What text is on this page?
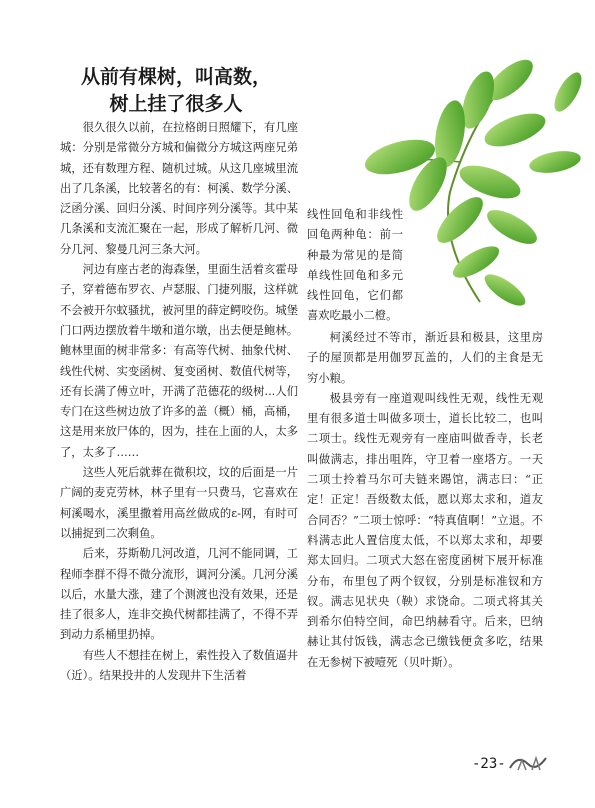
从前有棵树，叫高数，
树上挂了很多人

很久很久以前，在拉格朗日照耀下，有几座城：分别是常微分方城和偏微分方城这两座兄弟城，还有数理方程、随机过城。从这几座城里流出了几条溪，比较著名的有：柯溪、数学分溪、泛函分溪、回归分溪、时间序列分溪等。其中某几条溪和支流汇聚在一起，形成了解析几河、微分几河、黎曼几河三条大河。

河边有座古老的海森堡，里面生活着亥霍母子，穿着德布罗衣、卢瑟服、门捷列服，这样就不会被开尔蚊骚扰，被河里的薛定鳄咬伤。城堡门口两边摆放着牛墩和道尔墩，出去便是鲍林。鲍林里面的树非常多：有高等代树、抽象代树、线性代树、实变函树、复变函树、数值代树等，还有长满了傅立叶，开满了范德花的级树...人们专门在这些树边放了许多的盖（概）桶，高桶，这是用来放尸体的，因为，挂在上面的人，太多了，太多了……

这些人死后就葬在微积坟，坟的后面是一片广阔的麦克劳林，林子里有一只费马，它喜欢在柯溪喝水，溪里撒着用高丝做成的ε-网，有时可以捕捉到二次剩鱼。

后来，芬斯勒几河改道，几河不能同调，工程师李群不得不微分流形，调河分溪。几河分溪以后，水量大涨，建了个测渡也没有效果，还是挂了很多人，连非交换代树都挂满了，不得不弄到动力系桶里扔掉。

有些人不想挂在树上，索性投入了数值逼井（近）。结果投井的人发现井下生活着

线性回龟和非线性回龟两种龟：前一种最为常见的是简单线性回龟和多元线性回龟，它们都喜欢吃最小二橙。

柯溪经过不等市，渐近县和极县，这里房子的屋顶都是用伽罗瓦盖的，人们的主食是无穷小粮。

极县旁有一座道观叫线性无观，线性无观里有很多道士叫做多项士，道长比较二，也叫二项士。线性无观旁有一座庙叫做香寺，长老叫做满志，排出咀阵，守卫着一座塔方。一天二项士拎着马尔可夫链来踢馆，满志曰：“正定！正定！吾级数太低，愿以郑太求和，道友合同否？”二项士惊呼：“特真值啊！”立退。不料满志此人置信度太低，不以郑太求和，却要郑太回归。二项式大怒在密度函树下展开标准分布，布里包了两个钗钗，分别是标准钗和方钗。满志见状央（鞅）求饶命。二项式将其关到希尔伯特空间，命巴纳赫看守。后来，巴纳赫让其付饭钱，满志念已缴钱便贪多吃，结果在无参树下被噎死（贝叶斯）。

-23-
